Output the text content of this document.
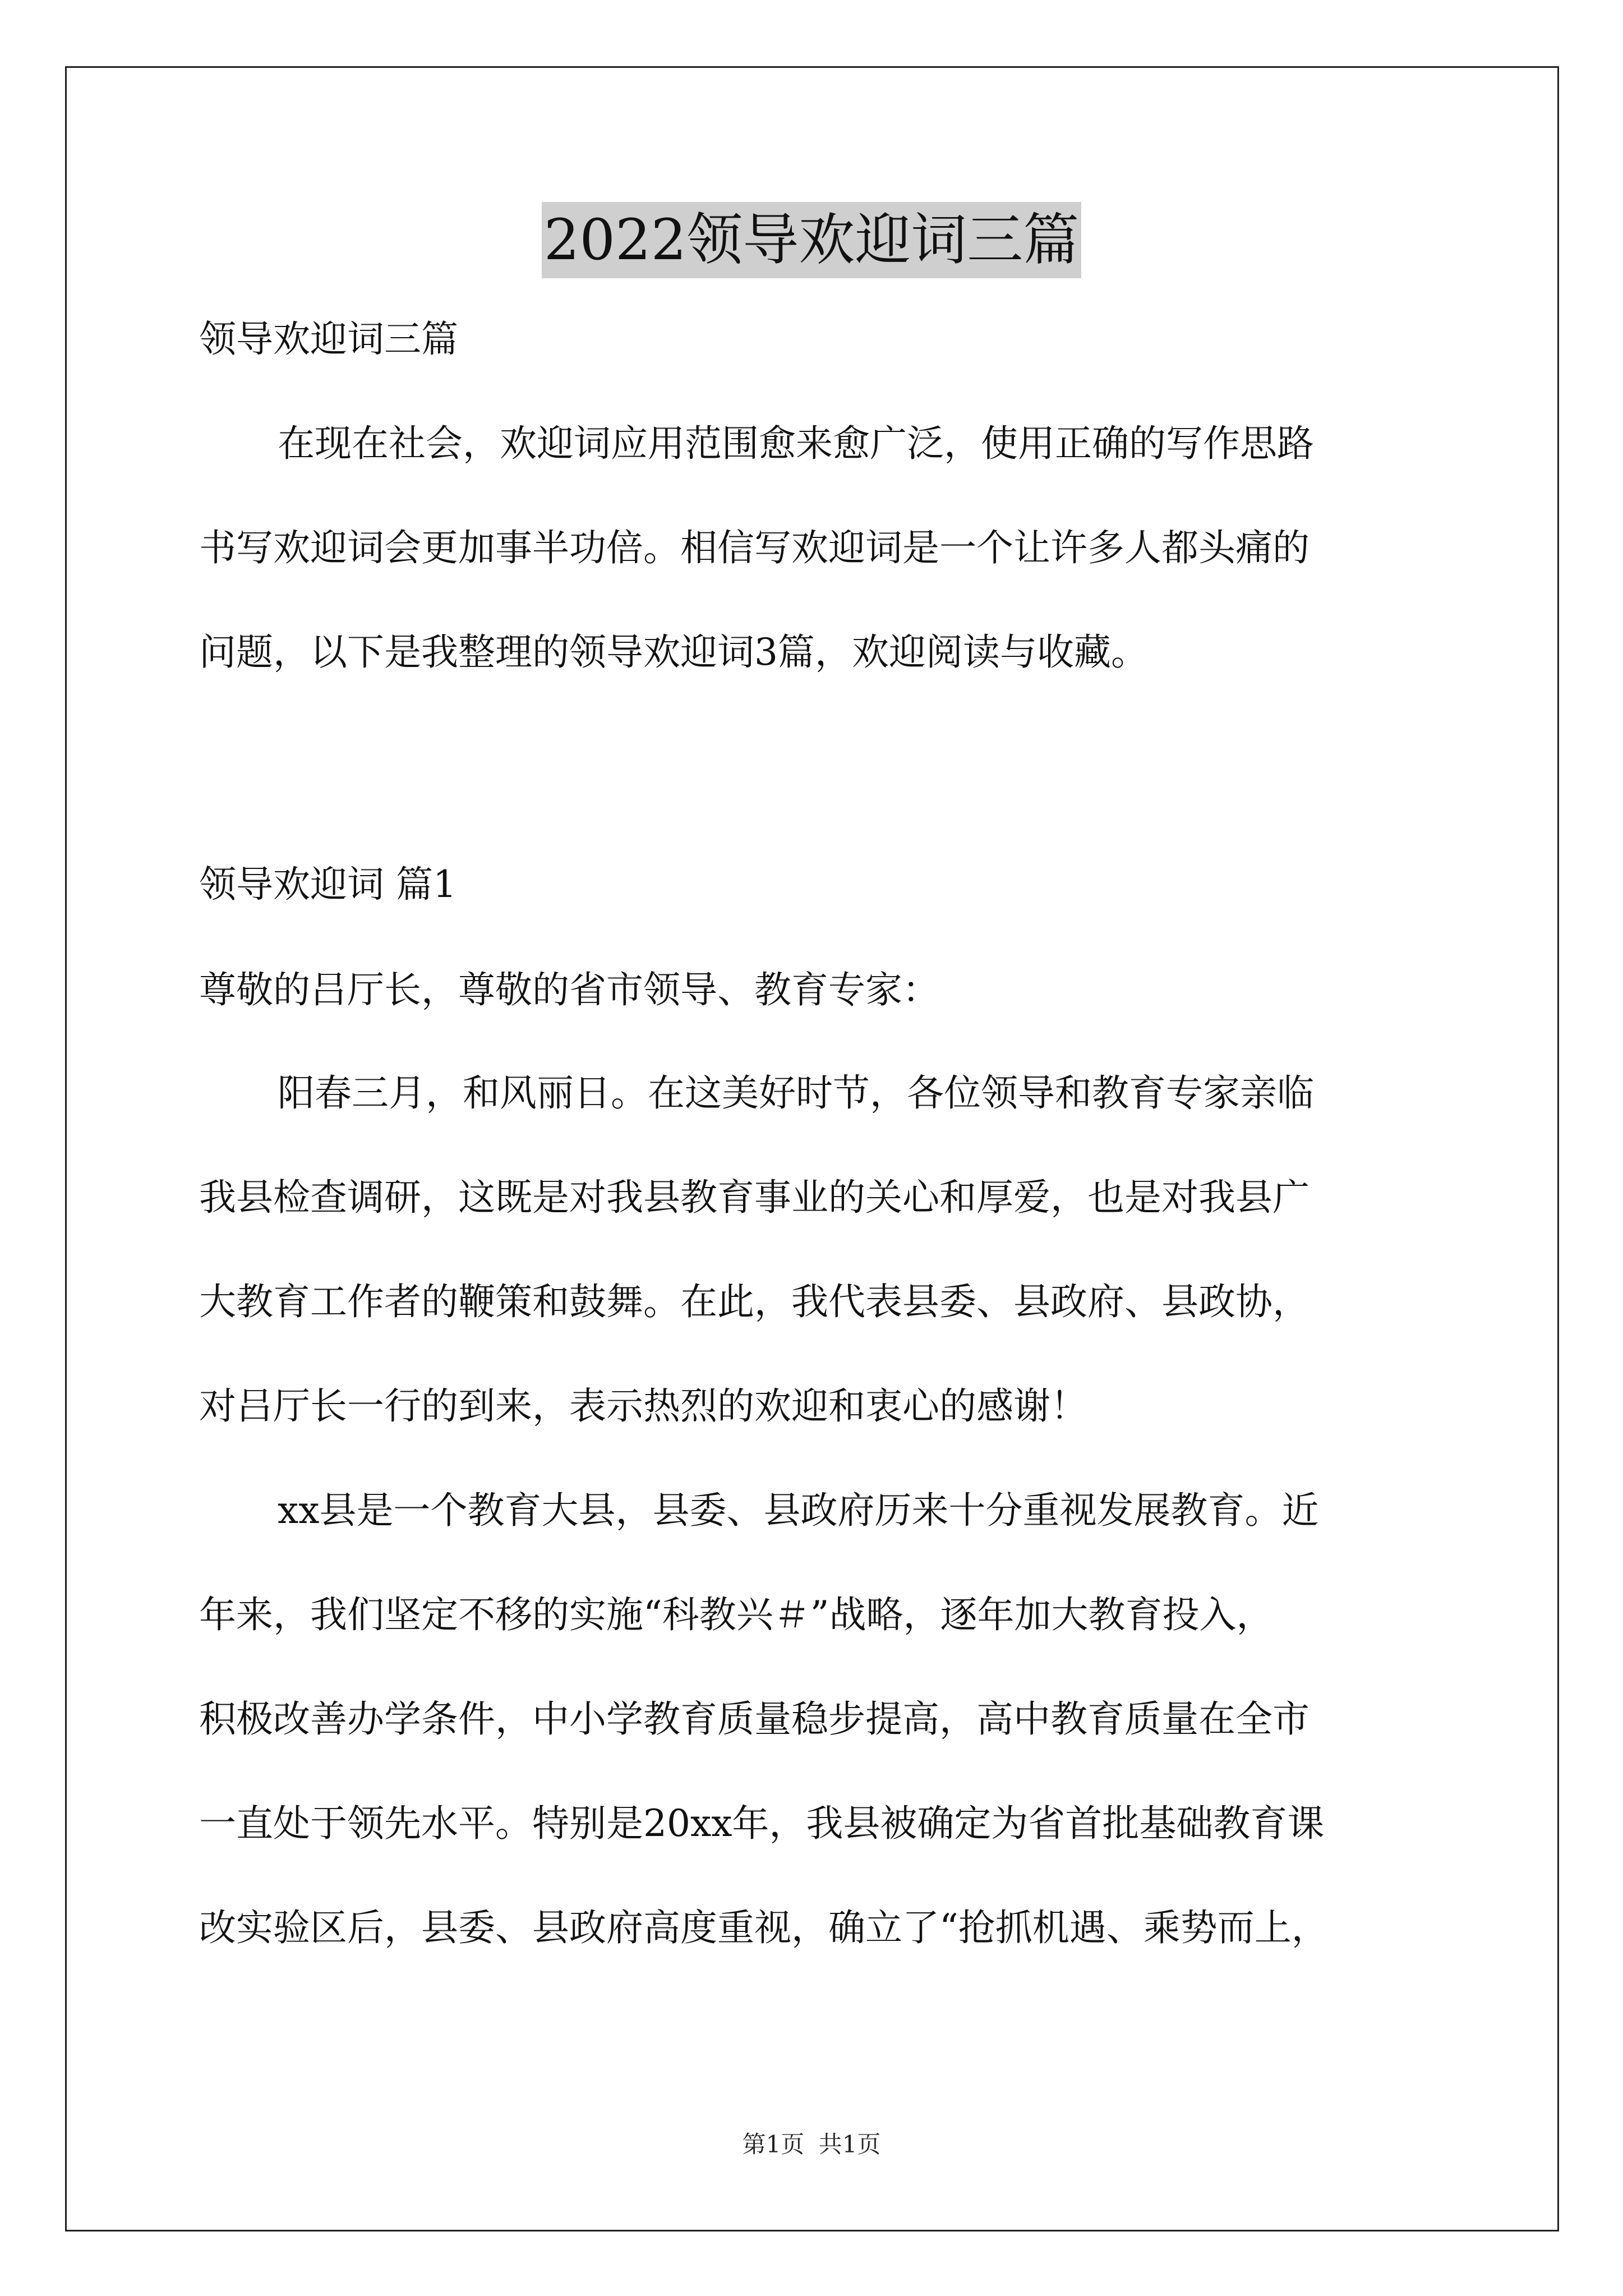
2022领导欢迎词三篇
领导欢迎词三篇
在现在社会，欢迎词应用范围愈来愈广泛，使用正确的写作思路
书写欢迎词会更加事半功倍。相信写欢迎词是一个让许多人都头痛的
问题，以下是我整理的领导欢迎词3篇，欢迎阅读与收藏。
领导欢迎词 篇1
尊敬的吕厅长，尊敬的省市领导、教育专家：
阳春三月，和风丽日。在这美好时节，各位领导和教育专家亲临
我县检查调研，这既是对我县教育事业的关心和厚爱，也是对我县广
大教育工作者的鞭策和鼓舞。在此，我代表县委、县政府、县政协，
对吕厅长一行的到来，表示热烈的欢迎和衷心的感谢！
xx县是一个教育大县，县委、县政府历来十分重视发展教育。近
年来，我们坚定不移的实施“科教兴＃”战略，逐年加大教育投入，
积极改善办学条件，中小学教育质量稳步提高，高中教育质量在全市
一直处于领先水平。特别是20xx年，我县被确定为省首批基础教育课
改实验区后，县委、县政府高度重视，确立了“抢抓机遇、乘势而上，
第1页 共1页
